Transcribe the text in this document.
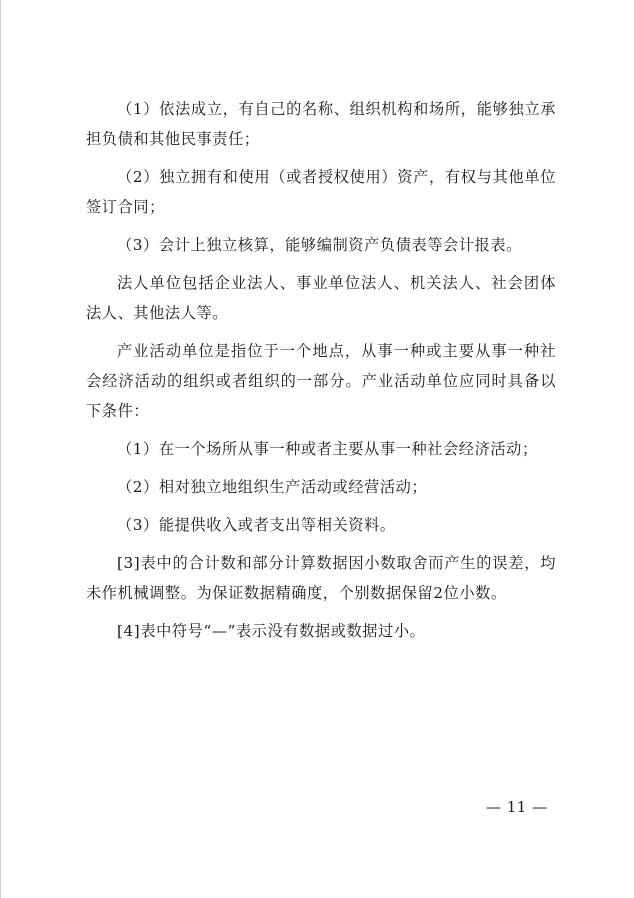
（1）依法成立，有自己的名称、组织机构和场所，能够独立承担负债和其他民事责任；

（2）独立拥有和使用（或者授权使用）资产，有权与其他单位签订合同；

（3）会计上独立核算，能够编制资产负债表等会计报表。

法人单位包括企业法人、事业单位法人、机关法人、社会团体法人、其他法人等。

产业活动单位是指位于一个地点，从事一种或主要从事一种社会经济活动的组织或者组织的一部分。产业活动单位应同时具备以下条件：

（1）在一个场所从事一种或者主要从事一种社会经济活动；

（2）相对独立地组织生产活动或经营活动；

（3）能提供收入或者支出等相关资料。

[3]表中的合计数和部分计算数据因小数取舍而产生的误差，均未作机械调整。为保证数据精确度，个别数据保留2位小数。

[4]表中符号“—”表示没有数据或数据过小。

— 11 —
